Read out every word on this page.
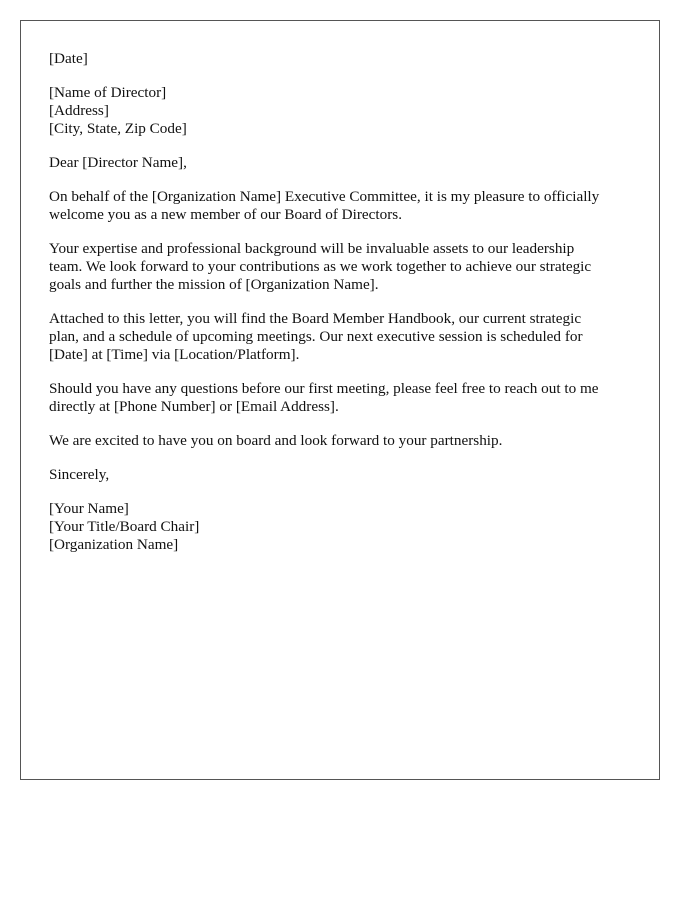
[Date]
[Name of Director]
[Address]
[City, State, Zip Code]
Dear [Director Name],
On behalf of the [Organization Name] Executive Committee, it is my pleasure to officially
welcome you as a new member of our Board of Directors.
Your expertise and professional background will be invaluable assets to our leadership
team. We look forward to your contributions as we work together to achieve our strategic
goals and further the mission of [Organization Name].
Attached to this letter, you will find the Board Member Handbook, our current strategic
plan, and a schedule of upcoming meetings. Our next executive session is scheduled for
[Date] at [Time] via [Location/Platform].
Should you have any questions before our first meeting, please feel free to reach out to me
directly at [Phone Number] or [Email Address].
We are excited to have you on board and look forward to your partnership.
Sincerely,
[Your Name]
[Your Title/Board Chair]
[Organization Name]
